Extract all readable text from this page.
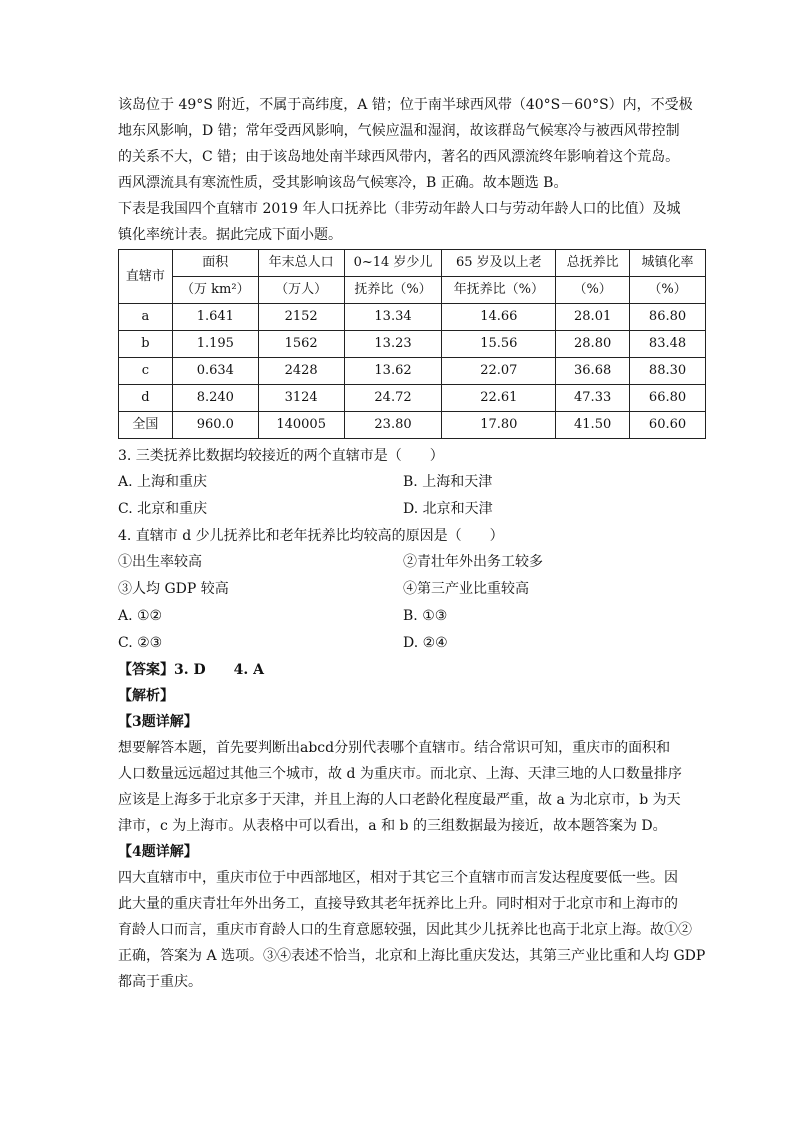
该岛位于 49°S 附近，不属于高纬度，A 错；位于南半球西风带（40°S－60°S）内，不受极

地东风影响，D 错；常年受西风影响，气候应温和湿润，故该群岛气候寒冷与被西风带控制

的关系不大，C 错；由于该岛地处南半球西风带内，著名的西风漂流终年影响着这个荒岛。

西风漂流具有寒流性质，受其影响该岛气候寒冷，B 正确。故本题选 B。

下表是我国四个直辖市 2019 年人口抚养比（非劳动年龄人口与劳动年龄人口的比值）及城

镇化率统计表。据此完成下面小题。

直辖市	面积	年末总人口	0~14 岁少儿	65 岁及以上老	总抚养比	城镇化率
	（万 km²）	（万人）	抚养比（%）	年抚养比（%）	（%）	（%）
a	1.641	2152	13.34	14.66	28.01	86.80
b	1.195	1562	13.23	15.56	28.80	83.48
c	0.634	2428	13.62	22.07	36.68	88.30
d	8.240	3124	24.72	22.61	47.33	66.80
全国	960.0	140005	23.80	17.80	41.50	60.60

3. 三类抚养比数据均较接近的两个直辖市是（　　）

A. 上海和重庆	B. 上海和天津
C. 北京和重庆	D. 北京和天津

4. 直辖市 d 少儿抚养比和老年抚养比均较高的原因是（　　）

①出生率较高	②青壮年外出务工较多
③人均 GDP 较高	④第三产业比重较高
A. ①②	B. ①③
C. ②③	D. ②④

【答案】3. D　　4. A

【解析】

【3题详解】

想要解答本题，首先要判断出abcd分别代表哪个直辖市。结合常识可知，重庆市的面积和

人口数量远远超过其他三个城市，故 d 为重庆市。而北京、上海、天津三地的人口数量排序

应该是上海多于北京多于天津，并且上海的人口老龄化程度最严重，故 a 为北京市，b 为天

津市，c 为上海市。从表格中可以看出，a 和 b 的三组数据最为接近，故本题答案为 D。

【4题详解】

四大直辖市中，重庆市位于中西部地区，相对于其它三个直辖市而言发达程度要低一些。因

此大量的重庆青壮年外出务工，直接导致其老年抚养比上升。同时相对于北京市和上海市的

育龄人口而言，重庆市育龄人口的生育意愿较强，因此其少儿抚养比也高于北京上海。故①②

正确，答案为 A 选项。③④表述不恰当，北京和上海比重庆发达，其第三产业比重和人均 GDP

都高于重庆。
